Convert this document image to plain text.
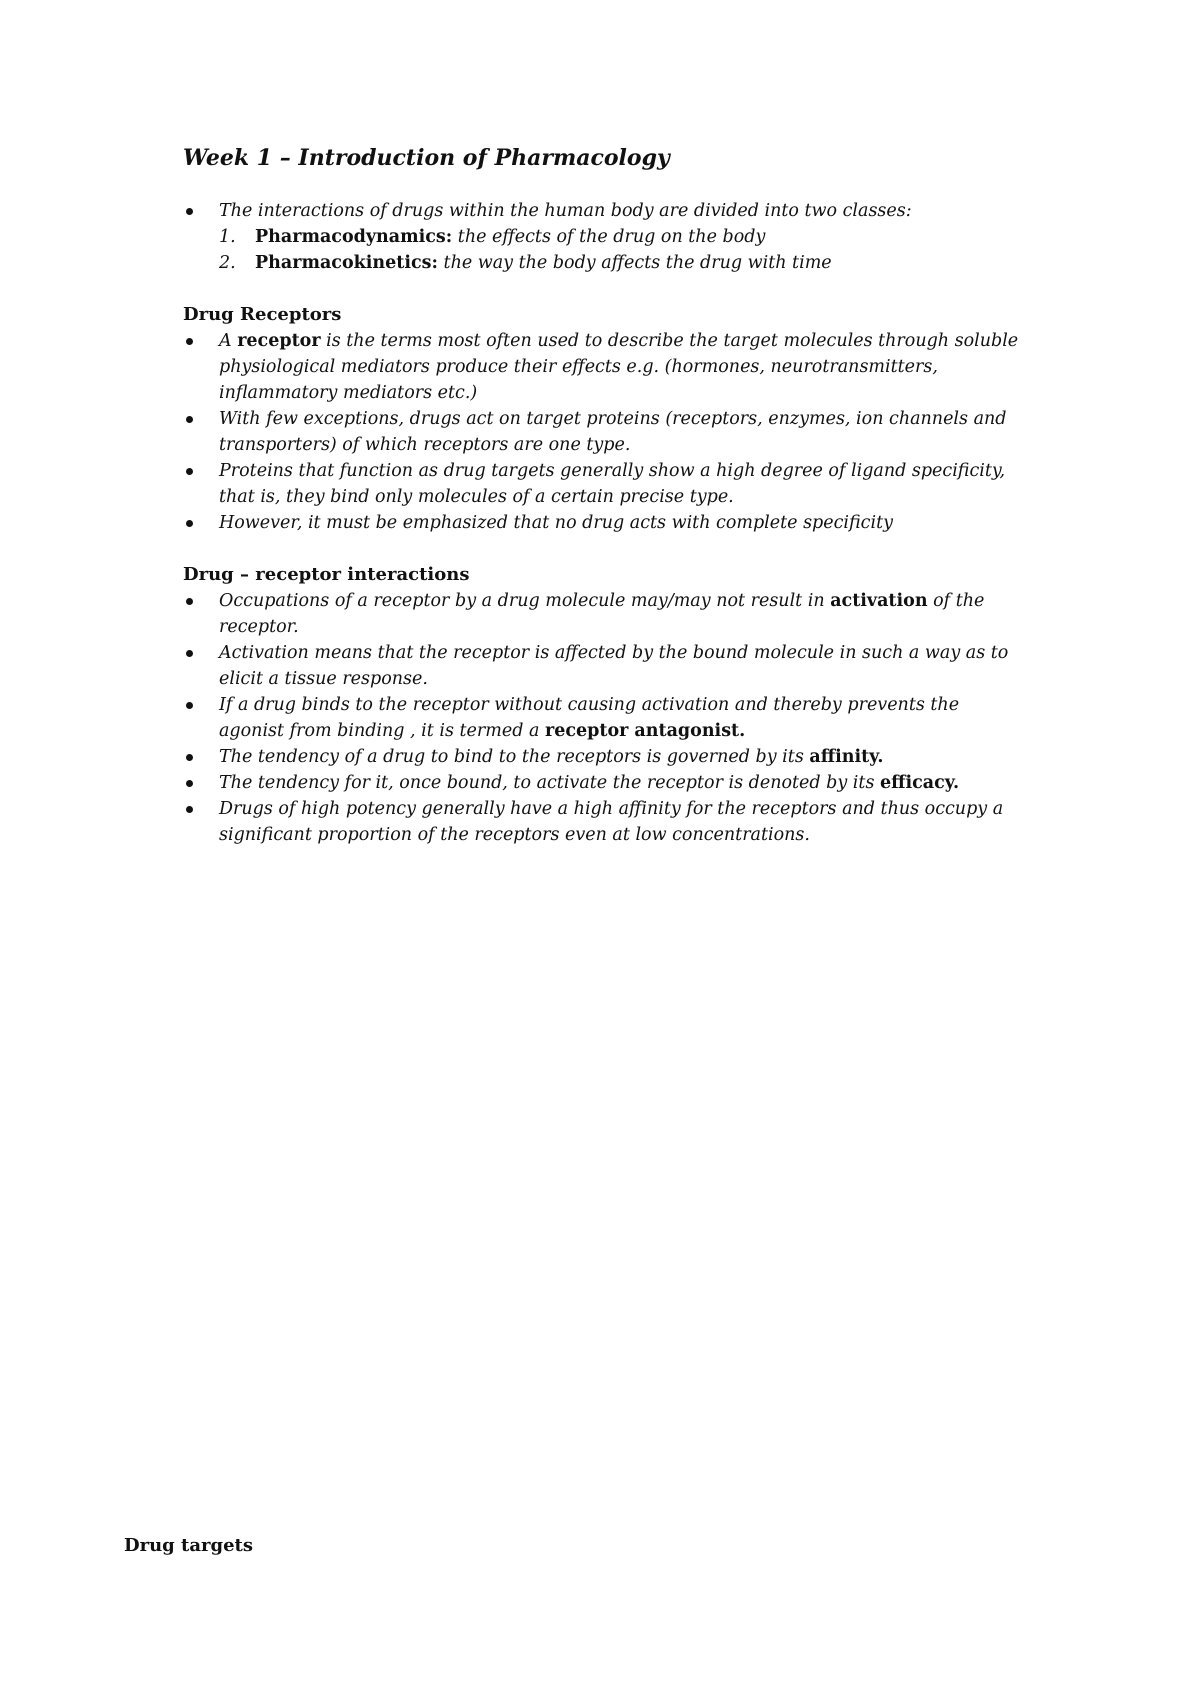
Week 1 – Introduction of Pharmacology
The interactions of drugs within the human body are divided into two classes:
1. Pharmacodynamics: the effects of the drug on the body
2. Pharmacokinetics: the way the body affects the drug with time
Drug Receptors
A receptor is the terms most often used to describe the target molecules through soluble physiological mediators produce their effects e.g. (hormones, neurotransmitters, inflammatory mediators etc.)
With few exceptions, drugs act on target proteins (receptors, enzymes, ion channels and transporters) of which receptors are one type.
Proteins that function as drug targets generally show a high degree of ligand specificity, that is, they bind only molecules of a certain precise type.
However, it must be emphasized that no drug acts with complete specificity
Drug – receptor interactions
Occupations of a receptor by a drug molecule may/may not result in activation of the receptor.
Activation means that the receptor is affected by the bound molecule in such a way as to elicit a tissue response.
If a drug binds to the receptor without causing activation and thereby prevents the agonist from binding , it is termed a receptor antagonist.
The tendency of a drug to bind to the receptors is governed by its affinity.
The tendency for it, once bound, to activate the receptor is denoted by its efficacy.
Drugs of high potency generally have a high affinity for the receptors and thus occupy a significant proportion of the receptors even at low concentrations.
Drug targets
